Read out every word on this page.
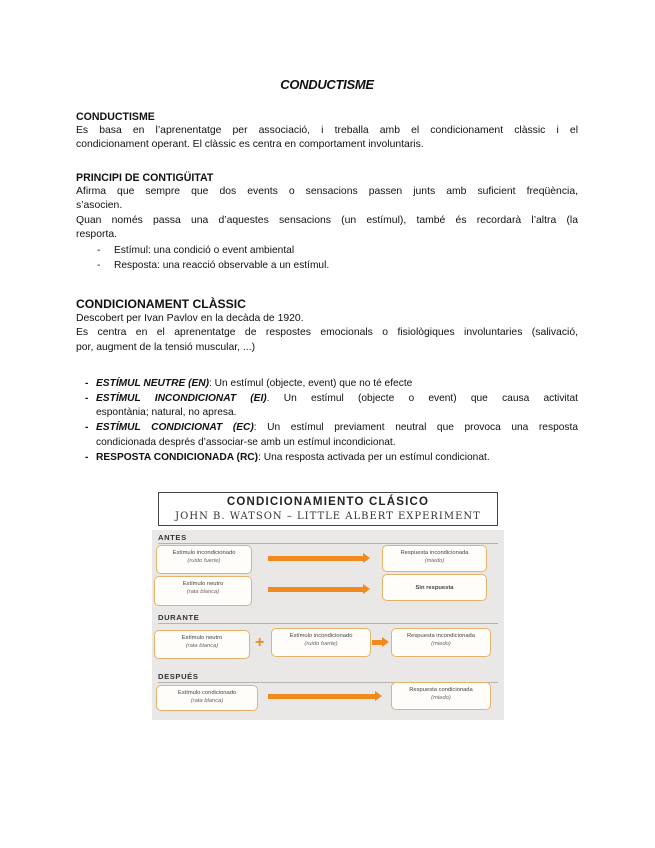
CONDUCTISME
CONDUCTISME
Es basa en l’aprenentatge per associació, i treballa amb el condicionament clàssic i el
condicionament operant. El clàssic es centra en comportament involuntaris.
PRINCIPI DE CONTIGÜITAT
Afirma que sempre que dos events o sensacions passen junts amb suficient freqüència,
s’asocien.
Quan només passa una d’aquestes sensacions (un estímul), també és recordarà l’altra (la
resporta.
- Estímul: una condició o event ambiental
- Resposta: una reacció observable a un estímul.
CONDICIONAMENT CLÀSSIC
Descobert per Ivan Pavlov en la decàda de 1920.
Es centra en el aprenentatge de respostes emocionals o fisiològiques involuntaries (salivació,
por, augment de la tensió muscular, ...)
- ESTÍMUL NEUTRE (EN): Un estímul (objecte, event) que no té efecte
- ESTÍMUL INCONDICIONAT (EI). Un estímul (objecte o event) que causa activitat
espontània; natural, no apresa.
- ESTÍMUL CONDICIONAT (EC): Un estímul previament neutral que provoca una resposta
condicionada després d’associar-se amb un estímul incondicionat.
- RESPOSTA CONDICIONADA (RC): Una resposta activada per un estímul condicionat.
CONDICIONAMIENTO CLÁSICO
JOHN B. WATSON – LITTLE ALBERT EXPERIMENT
ANTES
Estímulo incondicionado
(ruido fuerte)
Respuesta incondicionada
(miedo)
Estímulo neutro
(rata blanca)
Sin respuesta
DURANTE
Estímulo neutro
(rata blanca)	+	Estímulo incondicionado
(ruido fuerte)
Respuesta incondicionada
(miedo)
DESPUÉS
Estímulo condicionado
(rata blanca)
Respuesta condicionada
(miedo)
